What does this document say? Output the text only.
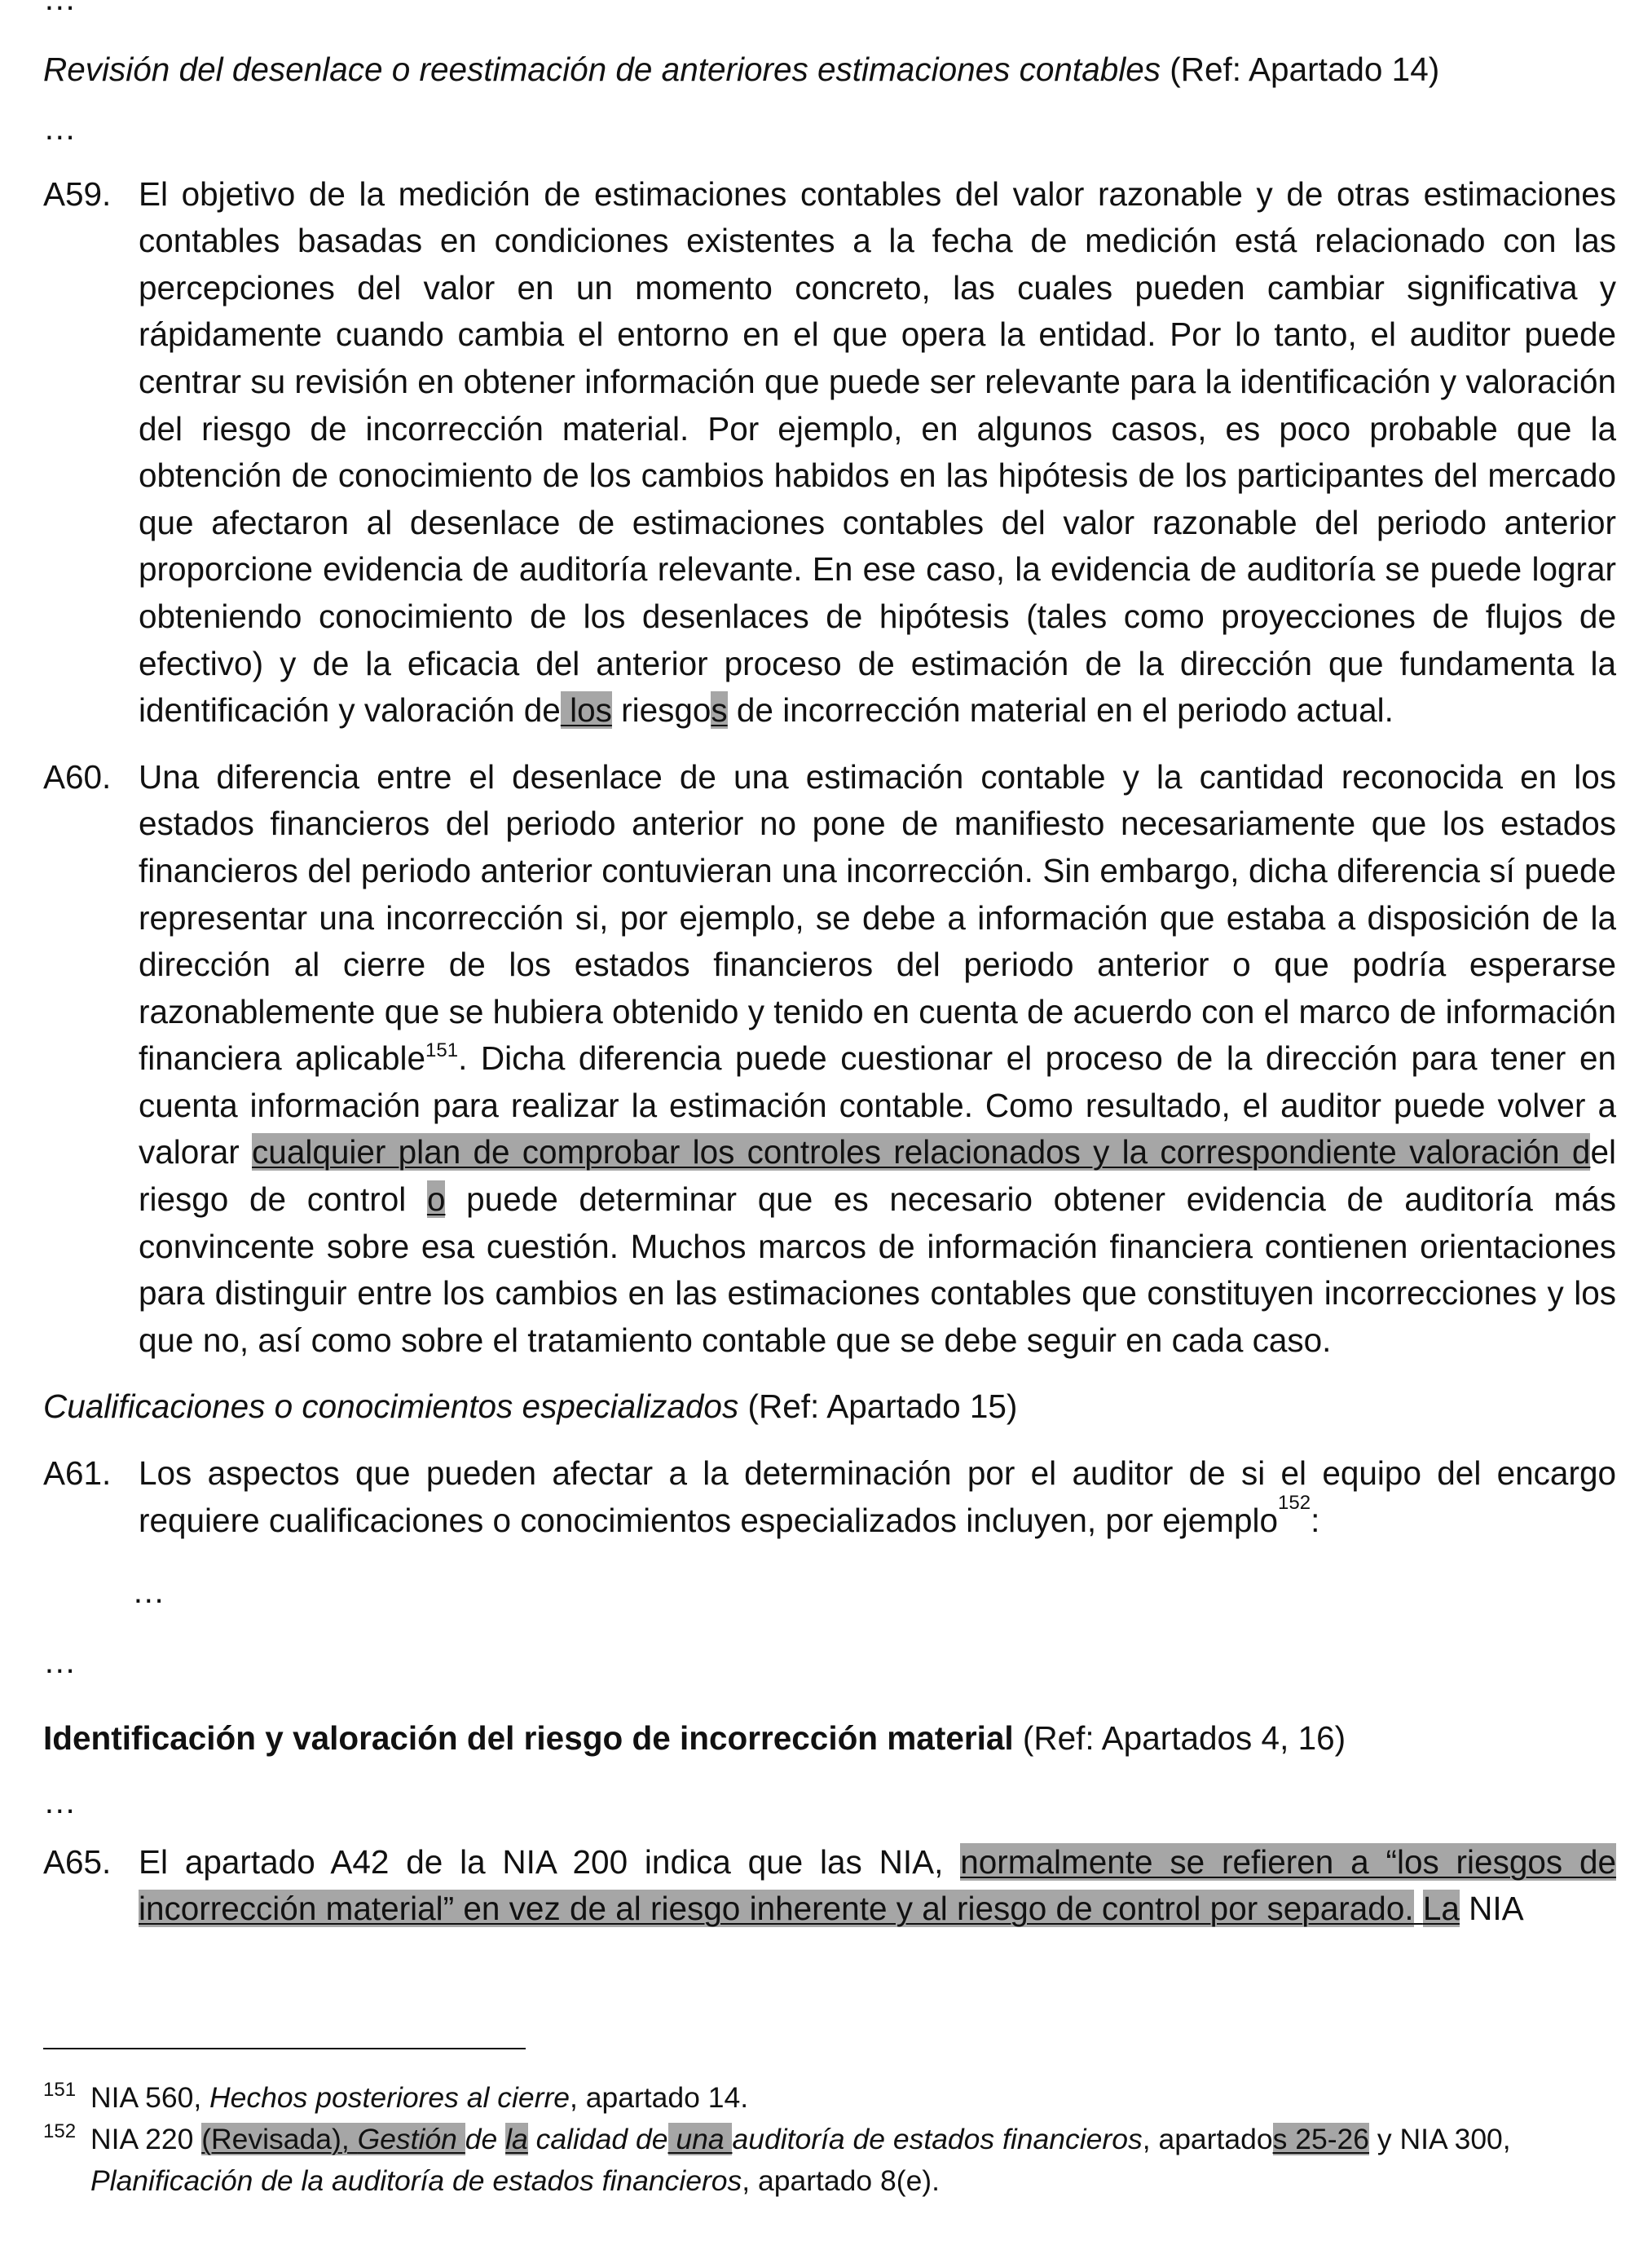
Revisión del desenlace o reestimación de anteriores estimaciones contables (Ref: Apartado 14)

…

A59. El objetivo de la medición de estimaciones contables del valor razonable y de otras estimaciones contables basadas en condiciones existentes a la fecha de medición está relacionado con las percepciones del valor en un momento concreto, las cuales pueden cambiar significativa y rápidamente cuando cambia el entorno en el que opera la entidad. Por lo tanto, el auditor puede centrar su revisión en obtener información que puede ser relevante para la identificación y valoración del riesgo de incorrección material. Por ejemplo, en algunos casos, es poco probable que la obtención de conocimiento de los cambios habidos en las hipótesis de los participantes del mercado que afectaron al desenlace de estimaciones contables del valor razonable del periodo anterior proporcione evidencia de auditoría relevante. En ese caso, la evidencia de auditoría se puede lograr obteniendo conocimiento de los desenlaces de hipótesis (tales como proyecciones de flujos de efectivo) y de la eficacia del anterior proceso de estimación de la dirección que fundamenta la identificación y valoración de los riesgos de incorrección material en el periodo actual.
A60. Una diferencia entre el desenlace de una estimación contable y la cantidad reconocida en los estados financieros del periodo anterior no pone de manifiesto necesariamente que los estados financieros del periodo anterior contuvieran una incorrección. Sin embargo, dicha diferencia sí puede representar una incorrección si, por ejemplo, se debe a información que estaba a disposición de la dirección al cierre de los estados financieros del periodo anterior o que podría esperarse razonablemente que se hubiera obtenido y tenido en cuenta de acuerdo con el marco de información financiera aplicable$^{151}$. Dicha diferencia puede cuestionar el proceso de la dirección para tener en cuenta información para realizar la estimación contable. Como resultado, el auditor puede volver a valorar cualquier plan de comprobar los controles relacionados y la correspondiente valoración del riesgo de control o puede determinar que es necesario obtener evidencia de auditoría más convincente sobre esa cuestión. Muchos marcos de información financiera contienen orientaciones para distinguir entre los cambios en las estimaciones contables que constituyen incorrecciones y los que no, así como sobre el tratamiento contable que se debe seguir en cada caso.

Cualificaciones o conocimientos especializados (Ref: Apartado 15)

A61. Los aspectos que pueden afectar a la determinación por el auditor de si el equipo del encargo requiere cualificaciones o conocimientos especializados incluyen, por ejemplo$^{152}$:

…

…

Identificación y valoración del riesgo de incorrección material (Ref: Apartados 4, 16)

…

A65. El apartado A42 de la NIA 200 indica que las NIA, normalmente se refieren a “los riesgos de incorrección material” en vez de al riesgo inherente y al riesgo de control por separado. La NIA

151 NIA 560, Hechos posteriores al cierre, apartado 14.

152 NIA 220 (Revisada), Gestión de la calidad de una auditoría de estados financieros, apartados 25-26 y NIA 300, Planificación de la auditoría de estados financieros, apartado 8(e).
